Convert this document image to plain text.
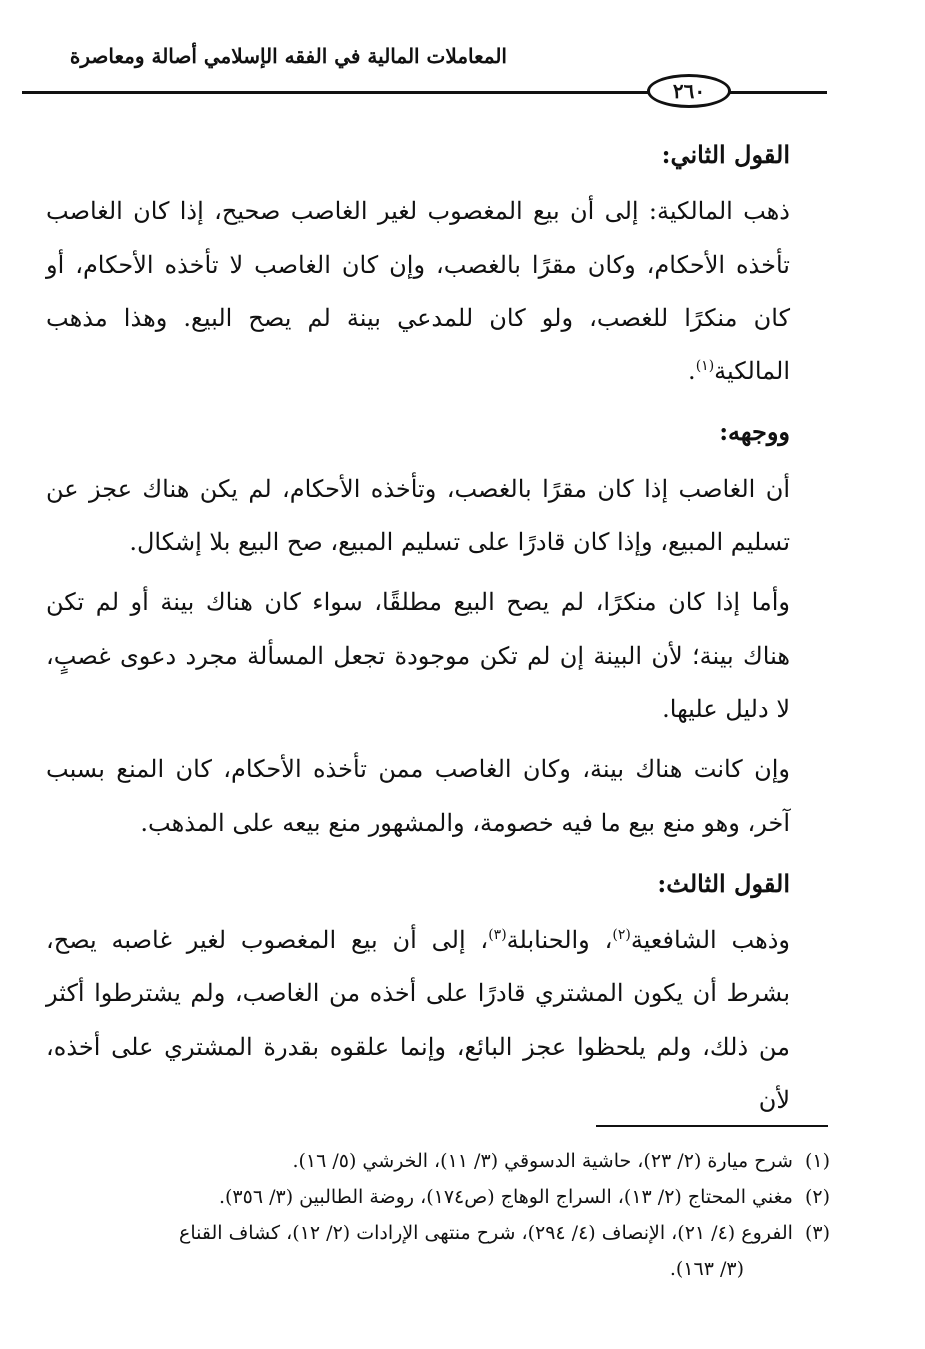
المعاملات المالية في الفقه الإسلامي أصالة ومعاصرة
٢٦٠

القول الثاني:

ذهب المالكية: إلى أن بيع المغصوب لغير الغاصب صحيح، إذا كان الغاصب تأخذه الأحكام، وكان مقرًا بالغصب، وإن كان الغاصب لا تأخذه الأحكام، أو كان منكرًا للغصب، ولو كان للمدعي بينة لم يصح البيع. وهذا مذهب المالكية$^{(١)}$.

ووجهه:

أن الغاصب إذا كان مقرًا بالغصب، وتأخذه الأحكام، لم يكن هناك عجز عن تسليم المبيع، وإذا كان قادرًا على تسليم المبيع، صح البيع بلا إشكال.

وأما إذا كان منكرًا، لم يصح البيع مطلقًا، سواء كان هناك بينة أو لم تكن هناك بينة؛ لأن البينة إن لم تكن موجودة تجعل المسألة مجرد دعوى غصبٍ، لا دليل عليها.

وإن كانت هناك بينة، وكان الغاصب ممن تأخذه الأحكام، كان المنع بسبب آخر، وهو منع بيع ما فيه خصومة، والمشهور منع بيعه على المذهب.

القول الثالث:

وذهب الشافعية$^{(٢)}$، والحنابلة$^{(٣)}$، إلى أن بيع المغصوب لغير غاصبه يصح، بشرط أن يكون المشتري قادرًا على أخذه من الغاصب، ولم يشترطوا أكثر من ذلك، ولم يلحظوا عجز البائع، وإنما علقوه بقدرة المشتري على أخذه، لأن

(١)شرح ميارة (٢/ ٢٣)، حاشية الدسوقي (٣/ ١١)، الخرشي (٥/ ١٦).

(٢)مغني المحتاج (٢/ ١٣)، السراج الوهاج (ص١٧٤)، روضة الطالبين (٣/ ٣٥٦).

(٣)الفروع (٤/ ٢١)، الإنصاف (٤/ ٢٩٤)، شرح منتهى الإرادات (٢/ ١٢)، كشاف القناع
(٣/ ١٦٣).
